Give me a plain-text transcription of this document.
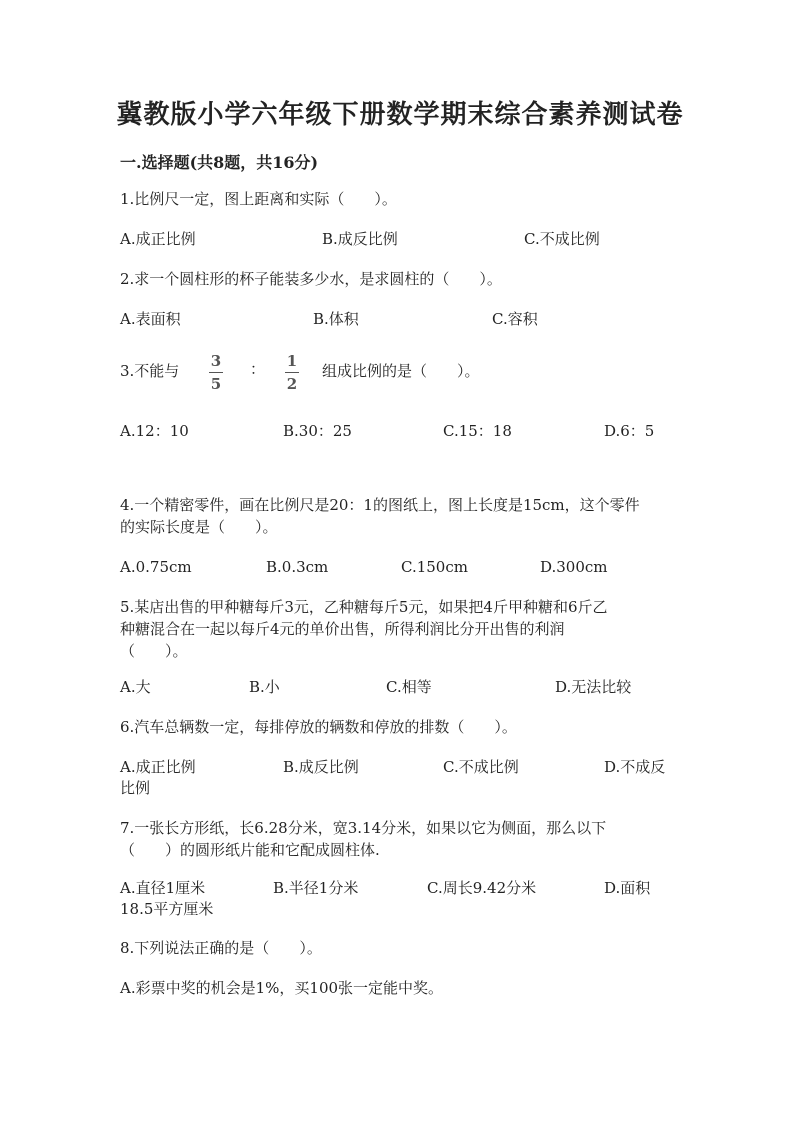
冀教版小学六年级下册数学期末综合素养测试卷
一.选择题(共8题，共16分)
1.比例尺一定，图上距离和实际（　　）。
A.成正比例	B.成反比例	C.不成比例
2.求一个圆柱形的杯子能装多少水，是求圆柱的（　　）。
A.表面积	B.体积	C.容积
3.不能与
3
5
：	1
2
组成比例的是（　　）。
A.12：10	B.30：25	C.15：18	D.6：5
4.一个精密零件，画在比例尺是20：1的图纸上，图上长度是15cm，这个零件
的实际长度是（　　）。
A.0.75cm	B.0.3cm	C.150cm	D.300cm
5.某店出售的甲种糖每斤3元，乙种糖每斤5元，如果把4斤甲种糖和6斤乙
种糖混合在一起以每斤4元的单价出售，所得利润比分开出售的利润
（　　）。
A.大	B.小	C.相等	D.无法比较
6.汽车总辆数一定，每排停放的辆数和停放的排数（　　）。
A.成正比例	B.成反比例	C.不成比例	D.不成反
比例
7.一张长方形纸，长6.28分米，宽3.14分米，如果以它为侧面，那么以下
（　　）的圆形纸片能和它配成圆柱体.
A.直径1厘米	B.半径1分米	C.周长9.42分米	D.面积
18.5平方厘米
8.下列说法正确的是（　　）。
A.彩票中奖的机会是1%，买100张一定能中奖。
